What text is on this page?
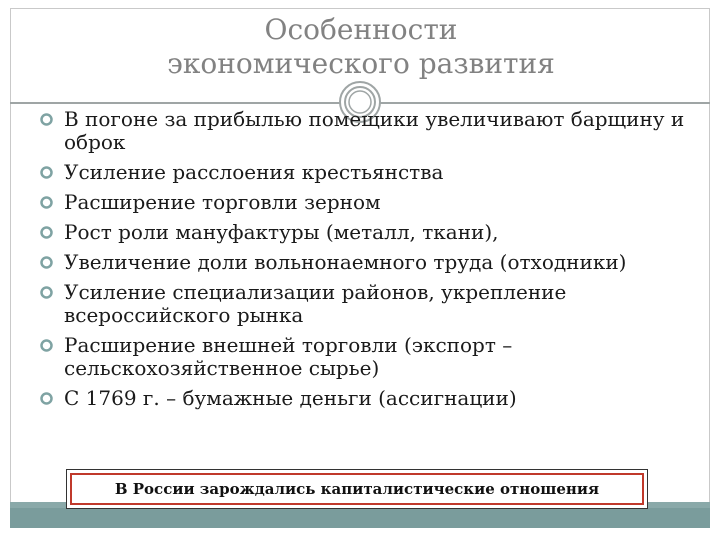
Особенности
экономического развития
В погоне за прибылью помещики увеличивают барщину и оброк
Усиление расслоения крестьянства
Расширение торговли зерном
Рост роли мануфактуры (металл, ткани),
Увеличение доли вольнонаемного труда (отходники)
Усиление специализации районов, укрепление всероссийского рынка
Расширение внешней торговли (экспорт – сельскохозяйственное сырье)
С 1769 г. – бумажные деньги (ассигнации)
В России зарождались капиталистические отношения
